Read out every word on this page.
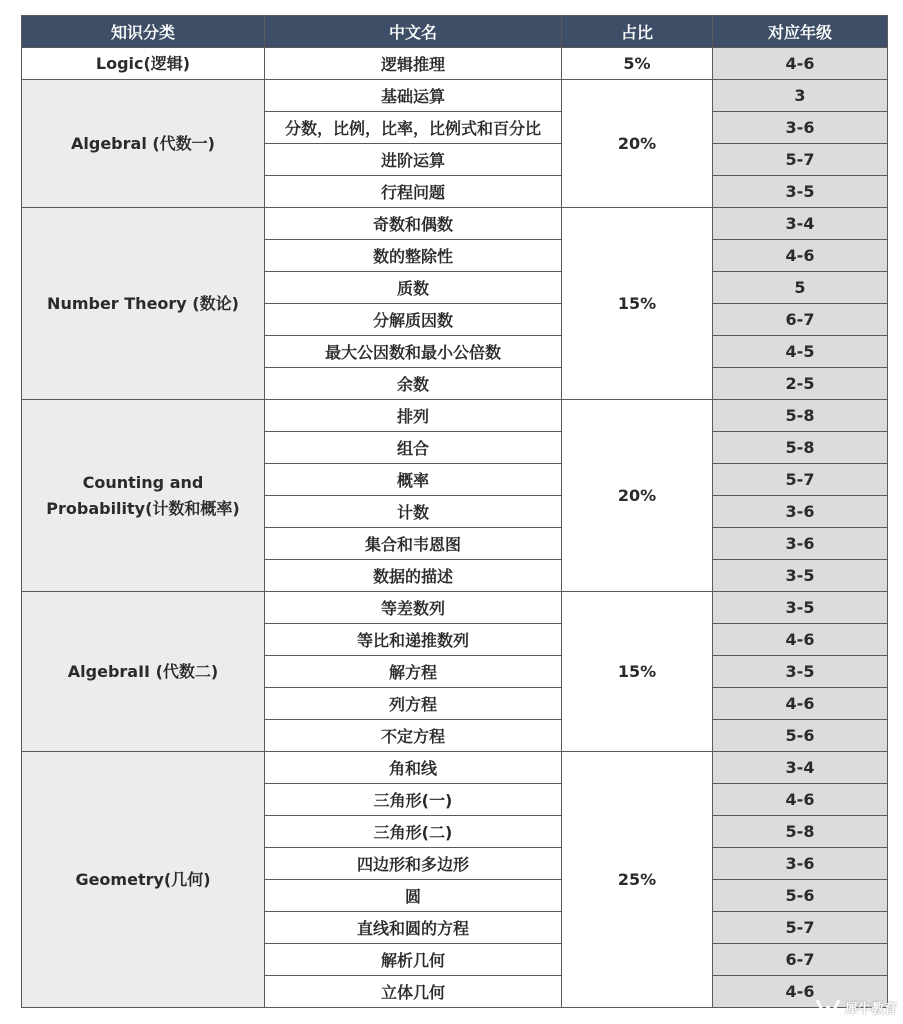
知识分类	中文名	占比	对应年级
Logic(逻辑)	逻辑推理	5%	4-6
Algebral (代数一)	基础运算	20%	3
	分数，比例，比率，比例式和百分比		3-6
	进阶运算		5-7
	行程问题		3-5
Number Theory (数论)	奇数和偶数	15%	3-4
	数的整除性		4-6
	质数		5
	分解质因数		6-7
	最大公因数和最小公倍数		4-5
	余数		2-5
Counting and Probability(计数和概率)	排列	20%	5-8
	组合		5-8
	概率		5-7
	计数		3-6
	集合和韦恩图		3-6
	数据的描述		3-5
AlgebraII (代数二)	等差数列	15%	3-5
	等比和递推数列		4-6
	解方程		3-5
	列方程		4-6
	不定方程		5-6
Geometry(几何)	角和线	25%	3-4
	三角形(一)		4-6
	三角形(二)		5-8
	四边形和多边形		3-6
	圆		5-6
	直线和圆的方程		5-7
	解析几何		6-7
	立体几何		4-6
犀牛教育
